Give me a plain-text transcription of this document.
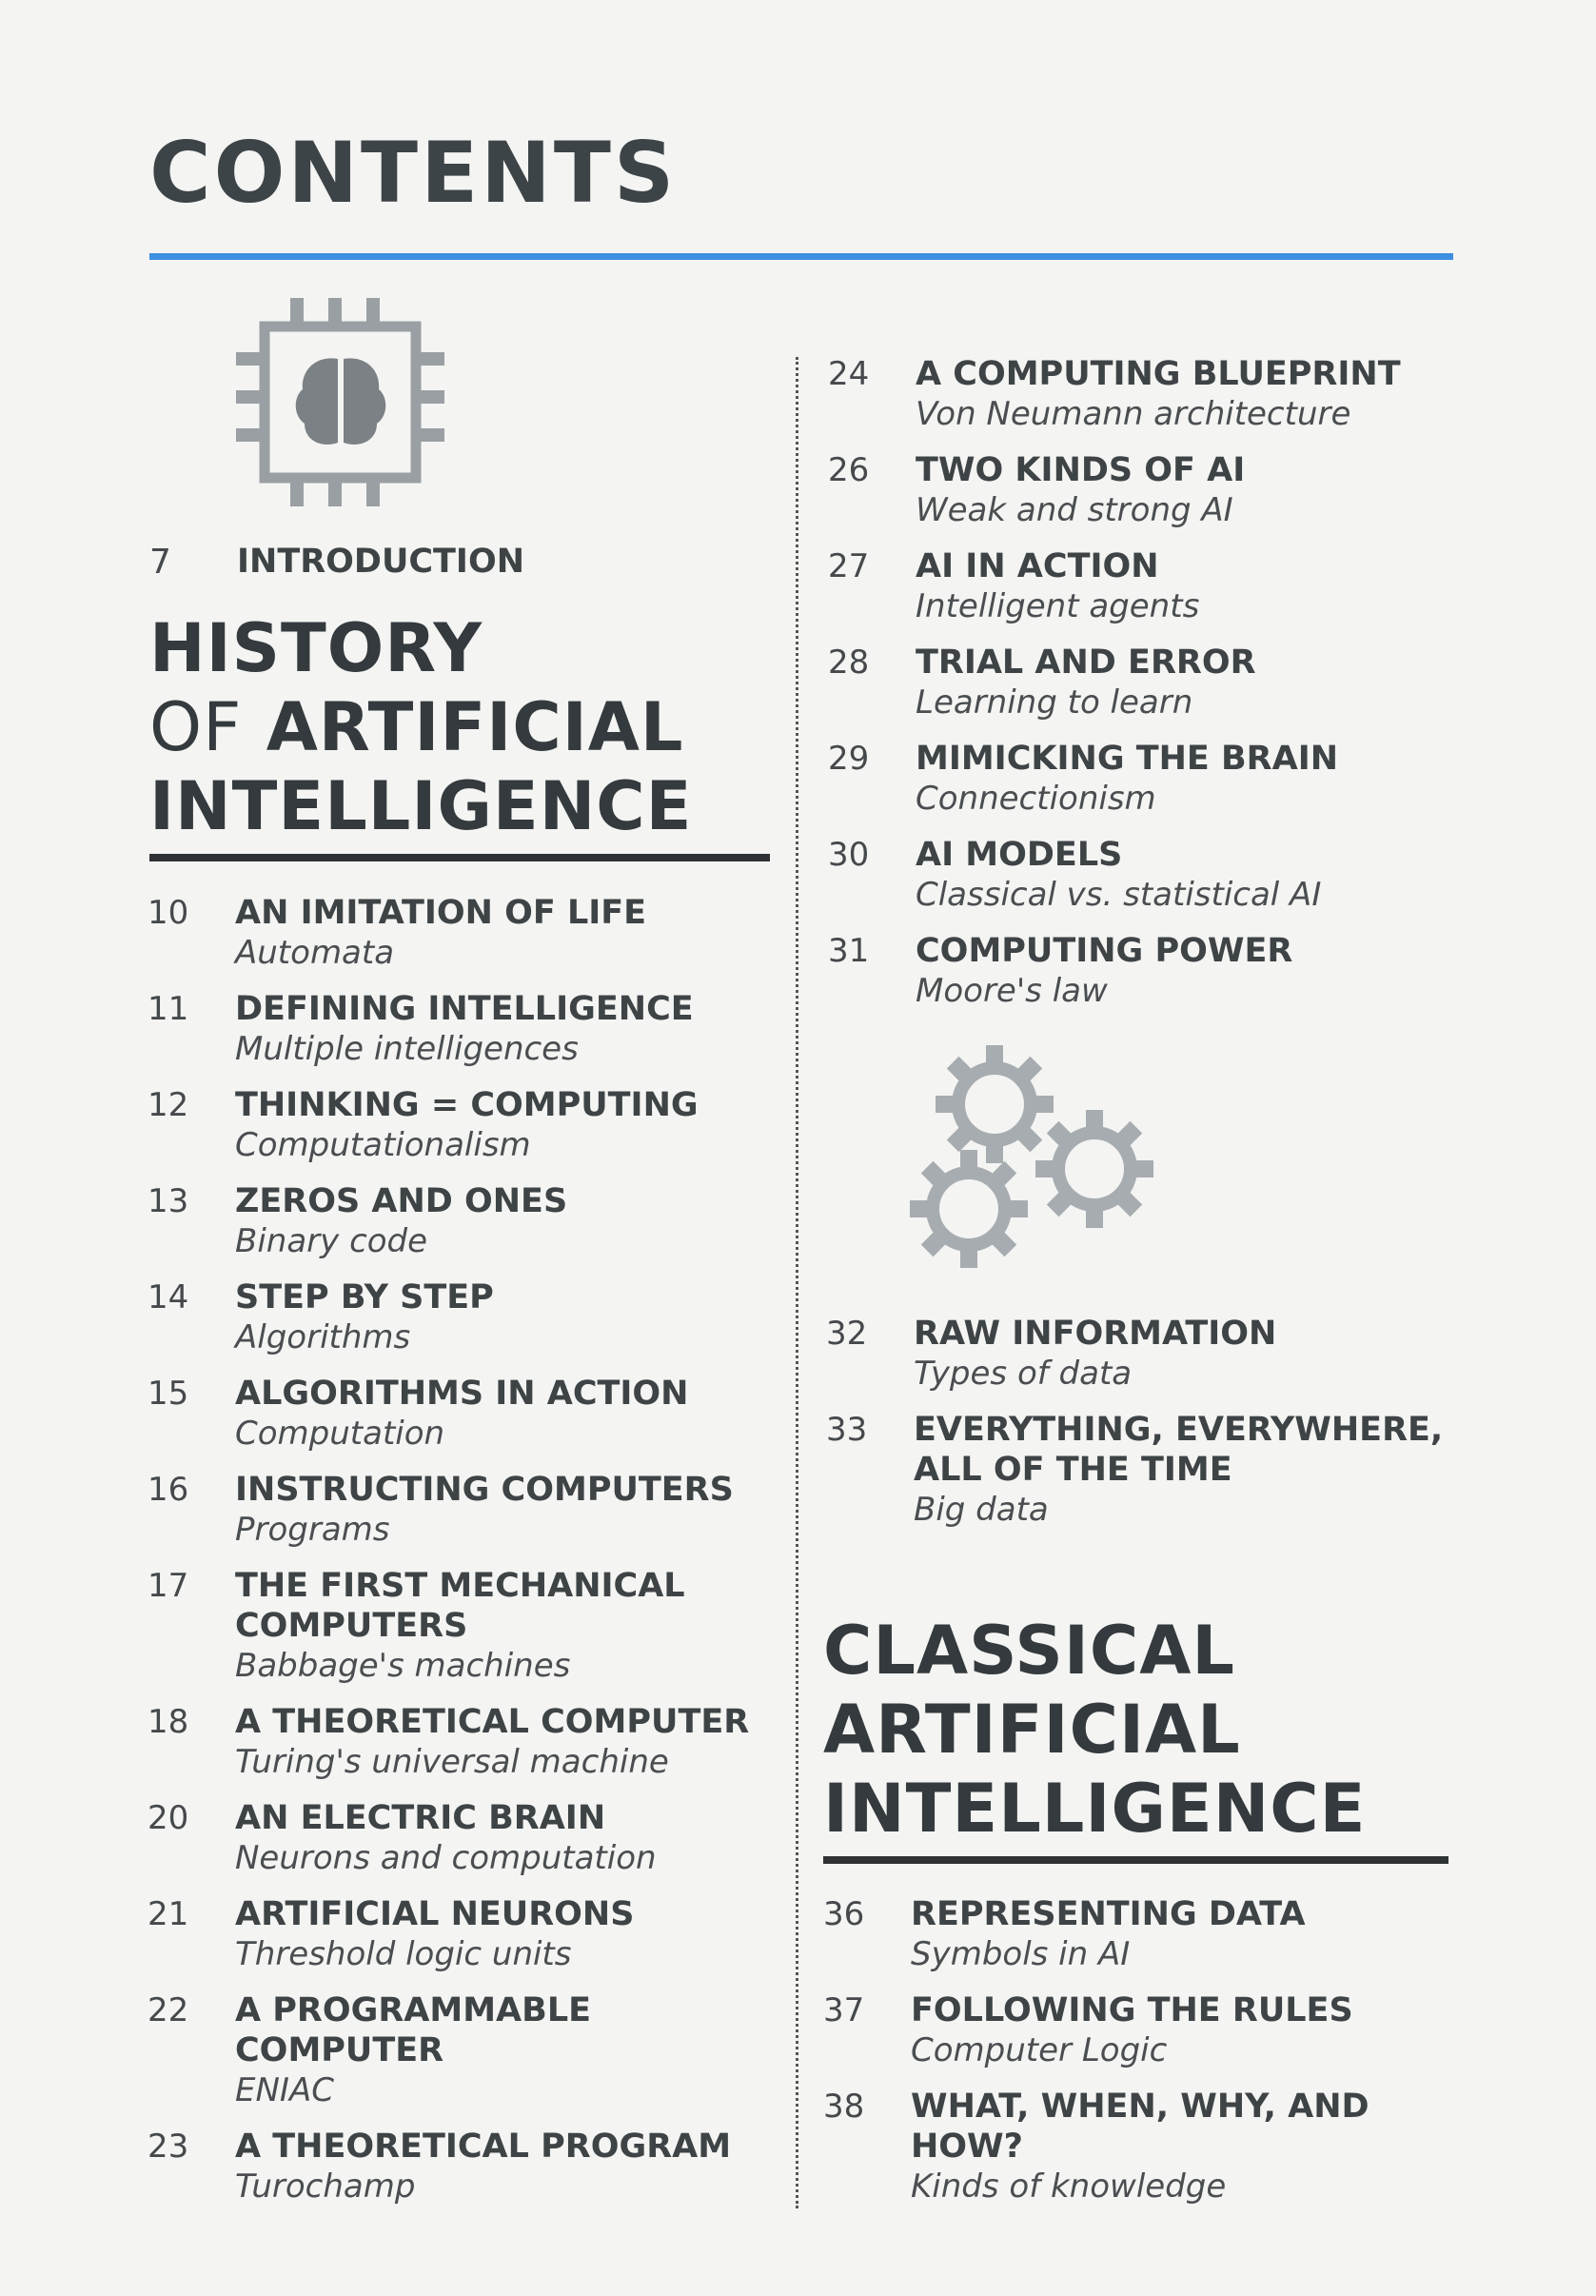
CONTENTS
7 INTRODUCTION
HISTORY
OF ARTIFICIAL
INTELLIGENCE
10 AN IMITATION OF LIFE
Automata
11 DEFINING INTELLIGENCE
Multiple intelligences
12 THINKING = COMPUTING
Computationalism
13 ZEROS AND ONES
Binary code
14 STEP BY STEP
Algorithms
15 ALGORITHMS IN ACTION
Computation
16 INSTRUCTING COMPUTERS
Programs
17 THE FIRST MECHANICAL
COMPUTERS
Babbage's machines
18 A THEORETICAL COMPUTER
Turing's universal machine
20 AN ELECTRIC BRAIN
Neurons and computation
21 ARTIFICIAL NEURONS
Threshold logic units
22 A PROGRAMMABLE
COMPUTER
ENIAC
23 A THEORETICAL PROGRAM
Turochamp
24 A COMPUTING BLUEPRINT
Von Neumann architecture
26 TWO KINDS OF AI
Weak and strong AI
27 AI IN ACTION
Intelligent agents
28 TRIAL AND ERROR
Learning to learn
29 MIMICKING THE BRAIN
Connectionism
30 AI MODELS
Classical vs. statistical AI
31 COMPUTING POWER
Moore's law
32 RAW INFORMATION
Types of data
33 EVERYTHING, EVERYWHERE,
ALL OF THE TIME
Big data
CLASSICAL
ARTIFICIAL
INTELLIGENCE
36 REPRESENTING DATA
Symbols in AI
37 FOLLOWING THE RULES
Computer Logic
38 WHAT, WHEN, WHY, AND
HOW?
Kinds of knowledge
